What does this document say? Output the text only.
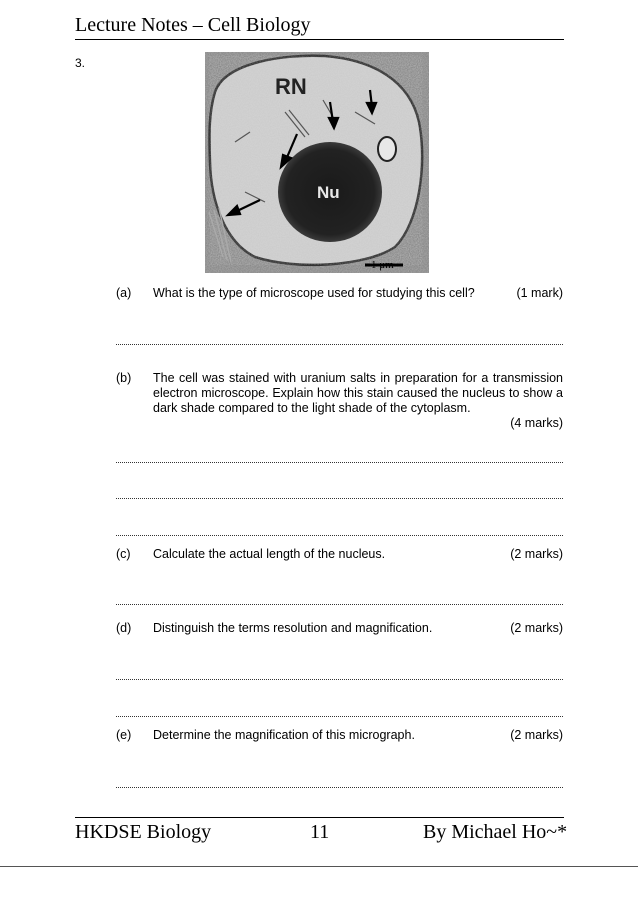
Lecture Notes – Cell Biology
3.
RN
Nu
1 μm
(a) What is the type of microscope used for studying this cell?	(1 mark)
(b) The cell was stained with uranium salts in preparation for a transmission electron microscope. Explain how this stain caused the nucleus to show a dark shade compared to the light shade of the cytoplasm.
(4 marks)
(c) Calculate the actual length of the nucleus.	(2 marks)
(d) Distinguish the terms resolution and magnification.	(2 marks)
(e) Determine the magnification of this micrograph.	(2 marks)
HKDSE Biology	11	By Michael Ho~*
